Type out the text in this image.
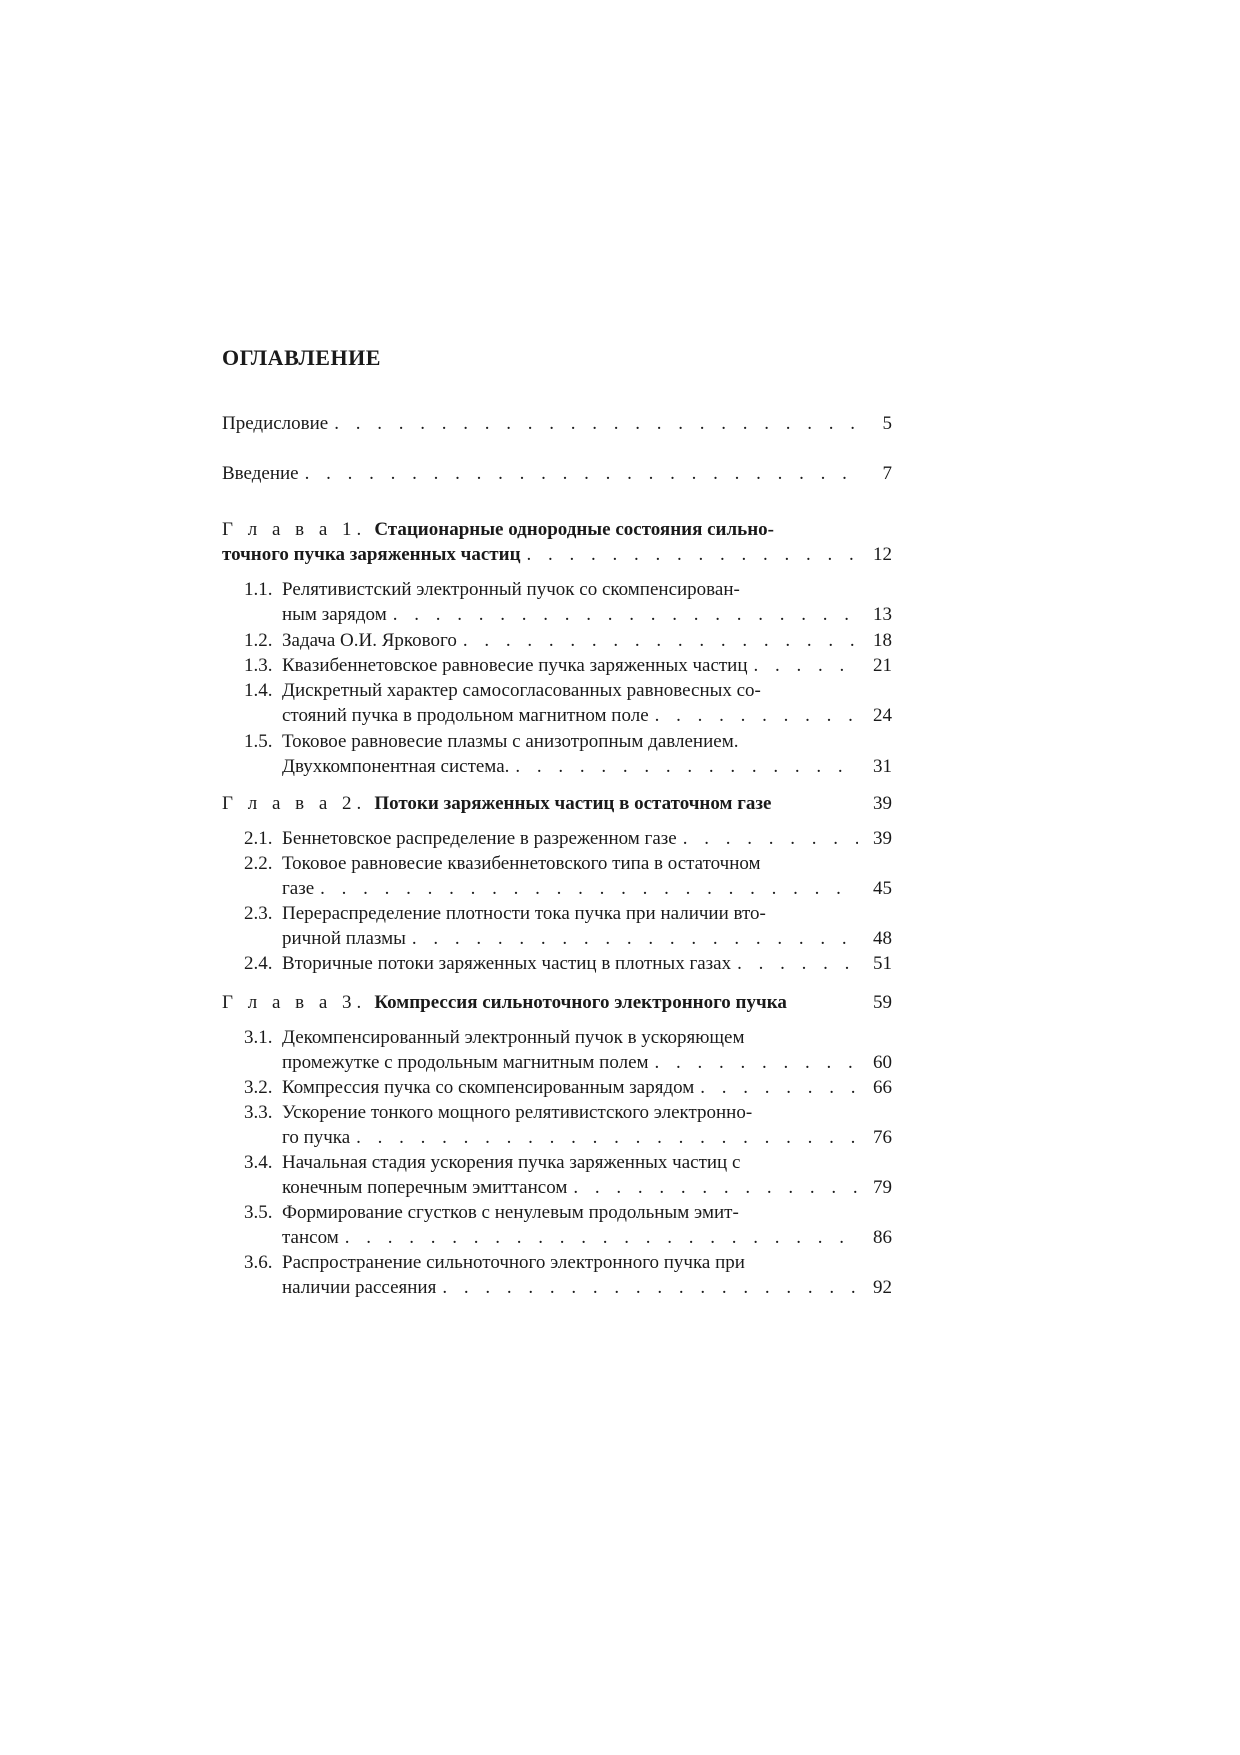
ОГЛАВЛЕНИЕ
Предисловие . . .	5
Введение . . .	7
Г л а в а 1. Стационарные однородные состояния сильно-
точного пучка заряженных частиц . . .	12
1.1. Релятивистский электронный пучок со скомпенсирован-
ным зарядом . . .	13
1.2. Задача О.И. Яркового . . .	18
1.3. Квазибеннетовское равновесие пучка заряженных частиц . . .	21
1.4. Дискретный характер самосогласованных равновесных со-
стояний пучка в продольном магнитном поле . . .	24
1.5. Токовое равновесие плазмы с анизотропным давлением.
Двухкомпонентная система. . . .	31
Г л а в а 2. Потоки заряженных частиц в остаточном газе	39
2.1. Беннетовское распределение в разреженном газе . . .	39
2.2. Токовое равновесие квазибеннетовского типа в остаточном
газе . . .	45
2.3. Перераспределение плотности тока пучка при наличии вто-
ричной плазмы . . .	48
2.4. Вторичные потоки заряженных частиц в плотных газах . . .	51
Г л а в а 3. Компрессия сильноточного электронного пучка	59
3.1. Декомпенсированный электронный пучок в ускоряющем
промежутке с продольным магнитным полем . . .	60
3.2. Компрессия пучка со скомпенсированным зарядом . . .	66
3.3. Ускорение тонкого мощного релятивистского электронно-
го пучка . . .	76
3.4. Начальная стадия ускорения пучка заряженных частиц с
конечным поперечным эмиттансом . . .	79
3.5. Формирование сгустков с ненулевым продольным эмит-
тансом . . .	86
3.6. Распространение сильноточного электронного пучка при
наличии рассеяния . . .	92
